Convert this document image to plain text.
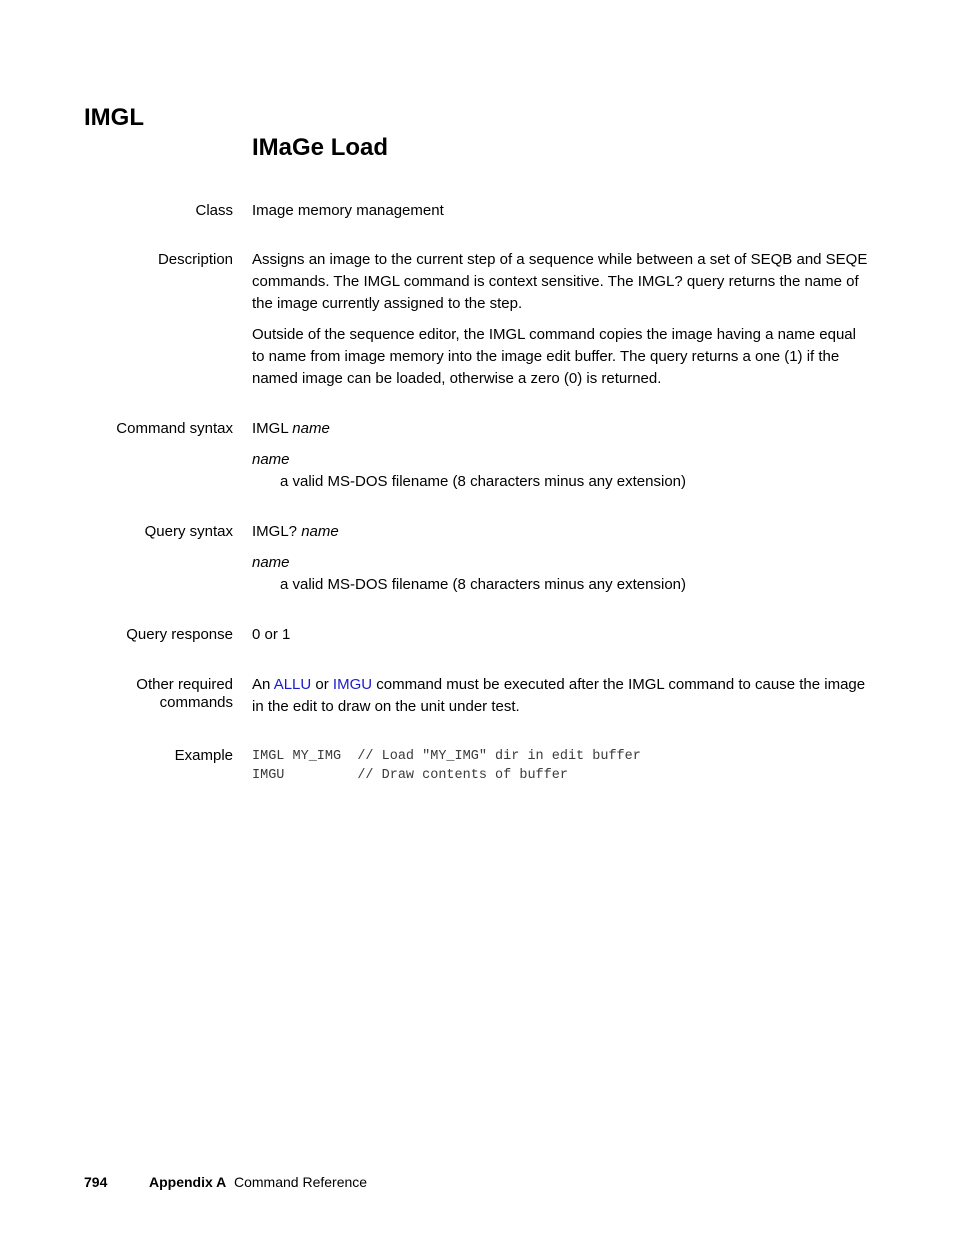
IMGL
IMaGe Load
Class Image memory management

Description Assigns an image to the current step of a sequence while between a set of SEQB and SEQE commands. The IMGL command is context sensitive. The IMGL? query returns the name of the image currently assigned to the step.

Outside of the sequence editor, the IMGL command copies the image having a name equal to name from image memory into the image edit buffer. The query returns a one (1) if the named image can be loaded, otherwise a zero (0) is returned.

Command syntax IMGL name

name

a valid MS-DOS filename (8 characters minus any extension)

Query syntax IMGL? name

name

a valid MS-DOS filename (8 characters minus any extension)

Query response 0 or 1

Other required
commands

An ALLU or IMGU command must be executed after the IMGL command to cause the image in the edit to draw on the unit under test.

Example IMGL MY_IMG  // Load "MY_IMG" dir in edit buffer
IMGU         // Draw contents of buffer
794	Appendix A Command Reference
